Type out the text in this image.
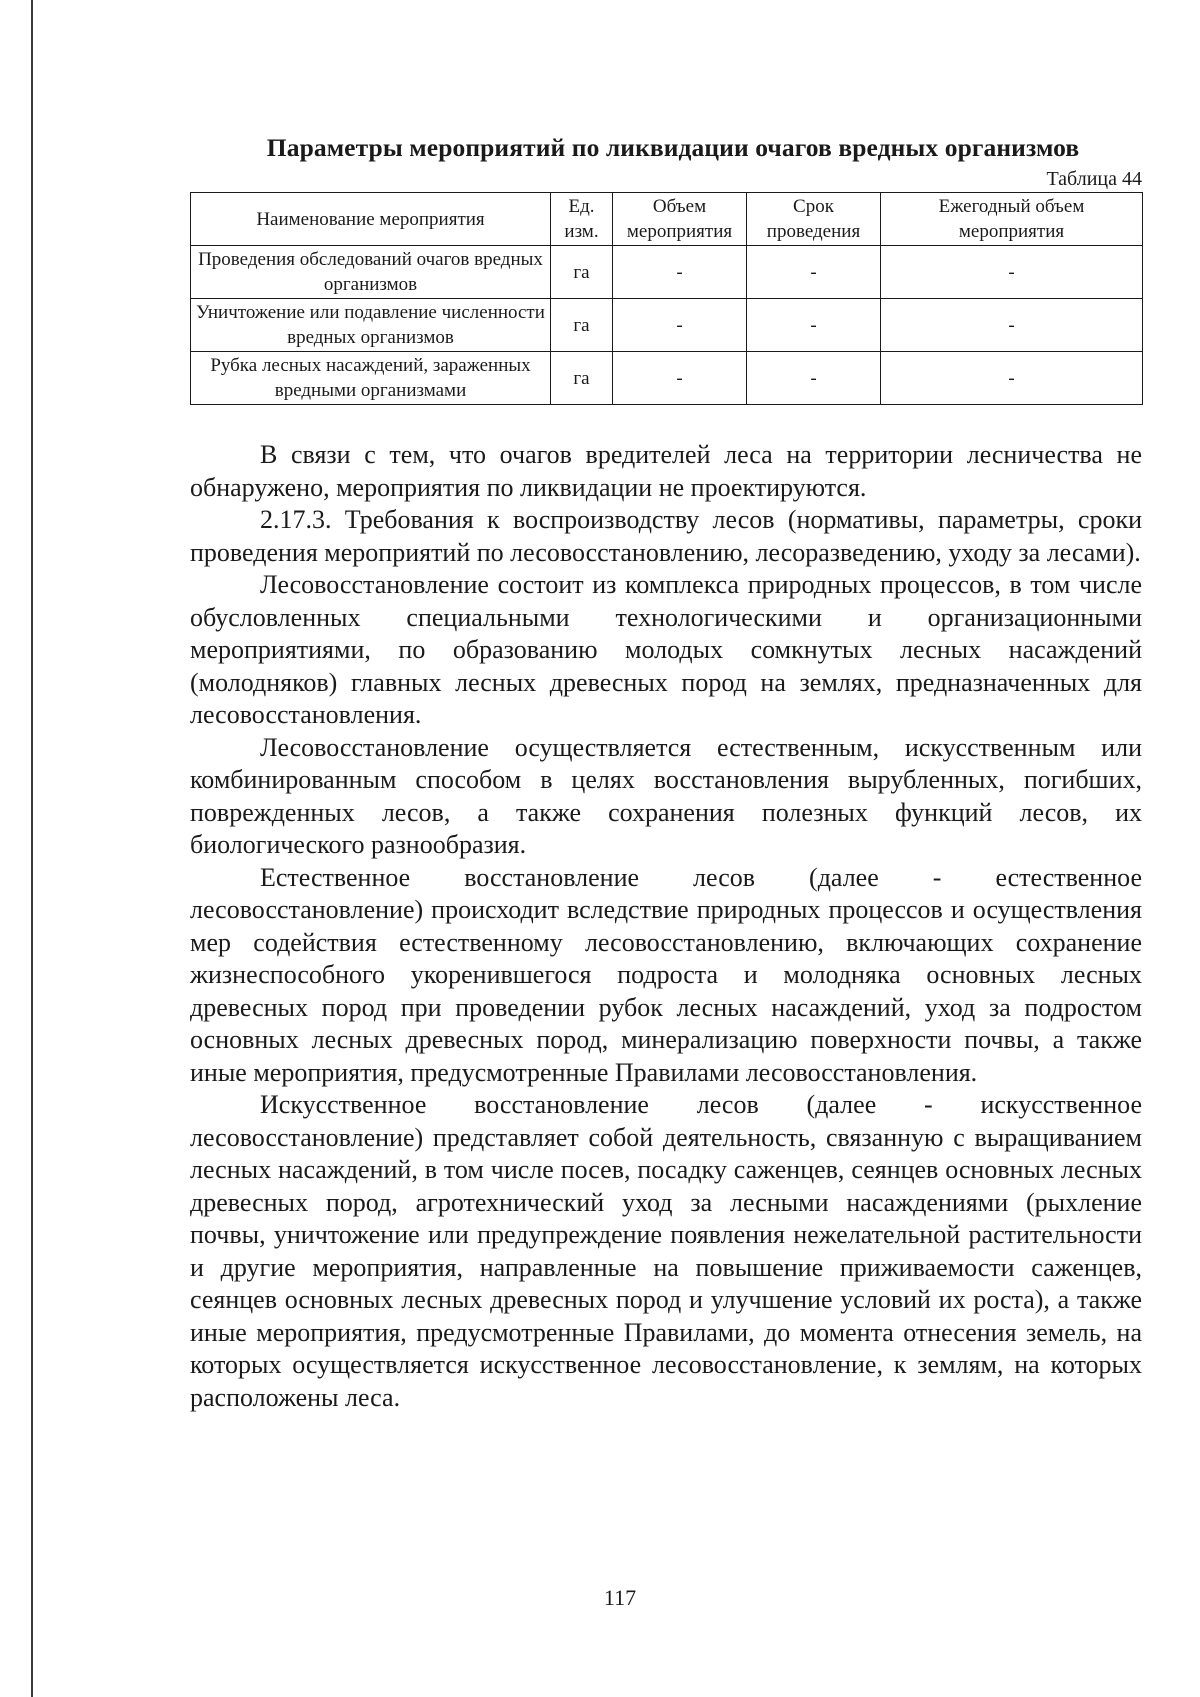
Параметры мероприятий по ликвидации очагов вредных организмов
Таблица 44
Наименование мероприятия	Ед. изм.	Объем мероприятия	Срок проведения	Ежегодный объем мероприятия
Проведения обследований очагов вредных организмов	га	-	-	-
Уничтожение или подавление численности вредных организмов	га	-	-	-
Рубка лесных насаждений, зараженных вредными организмами	га	-	-	-

В связи с тем, что очагов вредителей леса на территории лесничества не обнаружено, мероприятия по ликвидации не проектируются.

2.17.3. Требования к воспроизводству лесов (нормативы, параметры, сроки проведения мероприятий по лесовосстановлению, лесоразведению, уходу за лесами).

Лесовосстановление состоит из комплекса природных процессов, в том числе обусловленных специальными технологическими и организационными мероприятиями, по образованию молодых сомкнутых лесных насаждений (молодняков) главных лесных древесных пород на землях, предназначенных для лесовосстановления.

Лесовосстановление осуществляется естественным, искусственным или комбинированным способом в целях восстановления вырубленных, погибших, поврежденных лесов, а также сохранения полезных функций лесов, их биологического разнообразия.

Естественное восстановление лесов (далее - естественное лесовосстановление) происходит вследствие природных процессов и осуществления мер содействия естественному лесовосстановлению, включающих сохранение жизнеспособного укоренившегося подроста и молодняка основных лесных древесных пород при проведении рубок лесных насаждений, уход за подростом основных лесных древесных пород, минерализацию поверхности почвы, а также иные мероприятия, предусмотренные Правилами лесовосстановления.

Искусственное восстановление лесов (далее - искусственное лесовосстановление) представляет собой деятельность, связанную с выращиванием лесных насаждений, в том числе посев, посадку саженцев, сеянцев основных лесных древесных пород, агротехнический уход за лесными насаждениями (рыхление почвы, уничтожение или предупреждение появления нежелательной растительности и другие мероприятия, направленные на повышение приживаемости саженцев, сеянцев основных лесных древесных пород и улучшение условий их роста), а также иные мероприятия, предусмотренные Правилами, до момента отнесения земель, на которых осуществляется искусственное лесовосстановление, к землям, на которых расположены леса.

117
